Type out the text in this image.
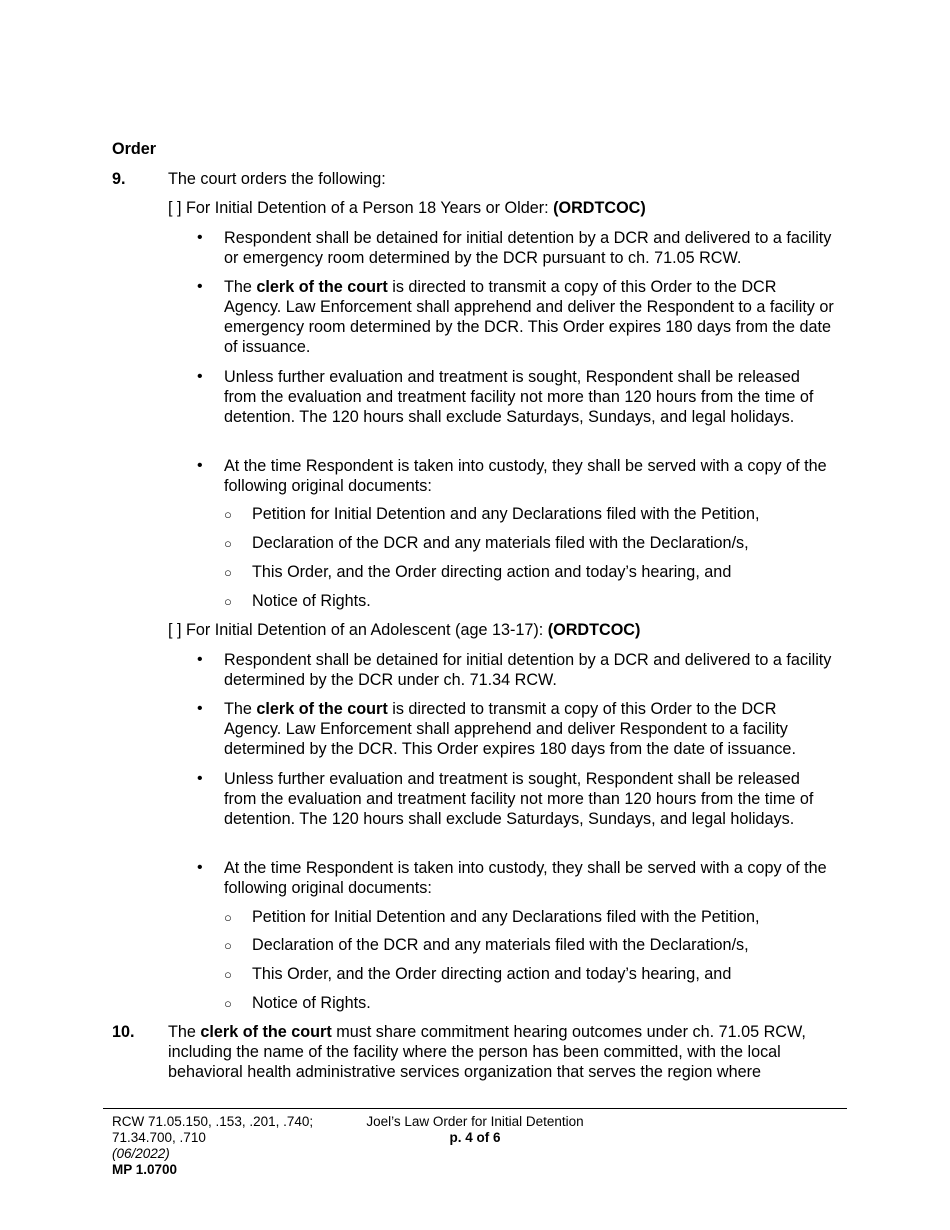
Order
9.	The court orders the following:
[ ] For Initial Detention of a Person 18 Years or Older: (ORDTCOC)
• Respondent shall be detained for initial detention by a DCR and delivered to a facility or emergency room determined by the DCR pursuant to ch. 71.05 RCW.
• The clerk of the court is directed to transmit a copy of this Order to the DCR Agency. Law Enforcement shall apprehend and deliver the Respondent to a facility or emergency room determined by the DCR. This Order expires 180 days from the date of issuance.
• Unless further evaluation and treatment is sought, Respondent shall be released from the evaluation and treatment facility not more than 120 hours from the time of detention. The 120 hours shall exclude Saturdays, Sundays, and legal holidays.
• At the time Respondent is taken into custody, they shall be served with a copy of the following original documents:
○ Petition for Initial Detention and any Declarations filed with the Petition,
○ Declaration of the DCR and any materials filed with the Declaration/s,
○ This Order, and the Order directing action and today’s hearing, and
○ Notice of Rights.
[ ] For Initial Detention of an Adolescent (age 13-17): (ORDTCOC)
• Respondent shall be detained for initial detention by a DCR and delivered to a facility determined by the DCR under ch. 71.34 RCW.
• The clerk of the court is directed to transmit a copy of this Order to the DCR Agency. Law Enforcement shall apprehend and deliver Respondent to a facility determined by the DCR. This Order expires 180 days from the date of issuance.
• Unless further evaluation and treatment is sought, Respondent shall be released from the evaluation and treatment facility not more than 120 hours from the time of detention. The 120 hours shall exclude Saturdays, Sundays, and legal holidays.
• At the time Respondent is taken into custody, they shall be served with a copy of the following original documents:
○ Petition for Initial Detention and any Declarations filed with the Petition,
○ Declaration of the DCR and any materials filed with the Declaration/s,
○ This Order, and the Order directing action and today’s hearing, and
○ Notice of Rights.
10. The clerk of the court must share commitment hearing outcomes under ch. 71.05 RCW, including the name of the facility where the person has been committed, with the local behavioral health administrative services organization that serves the region where
RCW 71.05.150, .153, .201, .740;
71.34.700, .710
(06/2022)
MP 1.0700
Joel’s Law Order for Initial Detention
p. 4 of 6
